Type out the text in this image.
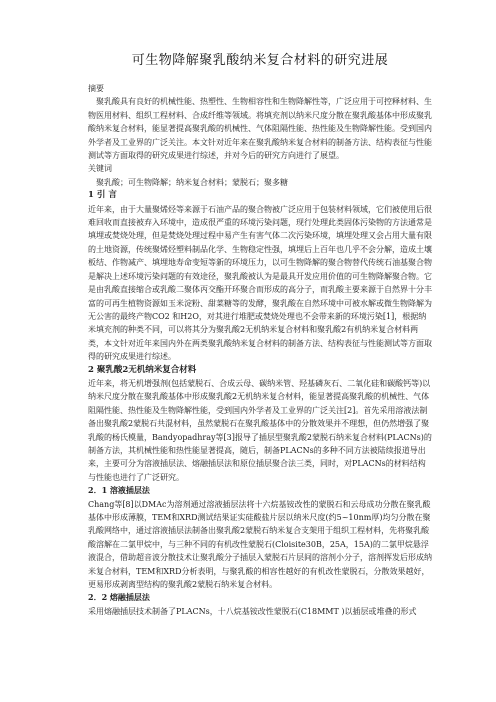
可生物降解聚乳酸纳米复合材料的研究进展

摘要

聚乳酸具有良好的机械性能、热塑性、生物相容性和生物降解性等，广泛应用于可控释材料、生物医用材料、组织工程材料、合成纤维等领域。将填充剂以纳米尺度分散在聚乳酸基体中形成聚乳酸纳米复合材料，能显著提高聚乳酸的机械性、气体阻隔性能、热性能及生物降解性能。受到国内外学者及工业界的广泛关注。本文针对近年来在聚乳酸纳米复合材料的制备方法、结构表征与性能测试等方面取得的研究成果进行综述，并对今后的研究方向进行了展望。

关键词

聚乳酸；可生物降解；纳米复合材料；蒙脱石；聚多糖

1 引 言

近年来，由于大量聚烯烃等来源于石油产品的聚合物被广泛应用于包装材料领域，它们被使用后很难回收而直接被弃入环境中，造成很严重的环境污染问题，现行处理此类固体污染物的方法通常是填埋或焚烧处理，但是焚烧处理过程中易产生有害气体二次污染环境，填埋处理又会占用大量有限的土地资源，传统聚烯烃塑料制品化学、生物稳定性强，填埋后上百年也几乎不会分解，造成土壤板结、作物减产、填埋地寿命变短等新的环境压力，以可生物降解的聚合物替代传统石油基聚合物是解决上述环境污染问题的有效途径，聚乳酸被认为是最具开发应用价值的可生物降解聚合物。它是由乳酸直接缩合或乳酸二聚体丙交酯开环聚合而形成的高分子，而乳酸主要来源于自然界十分丰富的可再生植物资源如玉米淀粉、甜菜糖等的发酵，聚乳酸在自然环境中可被水解或微生物降解为无公害的最终产物CO2 和H2O，对其进行堆肥或焚烧处理也不会带来新的环境污染[1]，根据纳米填充剂的种类不同，可以将其分为聚乳酸2无机纳米复合材料和聚乳酸2有机纳米复合材料两类，本文针对近年来国内外在两类聚乳酸纳米复合材料的制备方法、结构表征与性能测试等方面取得的研究成果进行综述。

2 聚乳酸2无机纳米复合材料

近年来，将无机增强剂(包括蒙脱石、合成云母、碳纳米管、羟基磷灰石、二氧化硅和碳酸钙等)以纳米尺度分散在聚乳酸基体中形成聚乳酸2无机纳米复合材料，能显著提高聚乳酸的机械性、气体阻隔性能、热性能及生物降解性能，受到国内外学者及工业界的广泛关注[2]。首先采用溶液法制备出聚乳酸2蒙脱石共混材料，虽然蒙脱石在聚乳酸基体中的分散效果并不理想，但仍然增强了聚乳酸的杨氏模量，Bandyopadhray等[3]报导了插层型聚乳酸2蒙脱石纳米复合材料(PLACNs)的制备方法，其机械性能和热性能显著提高，随后，制备PLACNs的多种不同方法被陆续报道导出来，主要可分为溶液插层法、熔融插层法和原位插层聚合法三类，同时，对PLACNs的材料结构与性能也进行了广泛研究。

2．1 溶液插层法

Chang等[8]以DMAc为溶剂通过溶液插层法将十六烷基铵改性的蒙脱石和云母成功分散在聚乳酸基体中形成薄膜，TEM和XRD测试结果证实硅酸盐片层以纳米尺度(约5~10nm厚)均匀分散在聚乳酸网络中，通过溶液插层法制备出聚乳酸2蒙脱石纳米复合支架用于组织工程材料，先将聚乳酸酸溶解在二氯甲烷中，与三种不同的有机改性蒙脱石(Cloisite30B，25A，15A)的二氯甲烷悬浮液混合，借助超音波分散技术让聚乳酸分子插层入蒙脱石片层间的溶剂小分子，溶剂挥发后形成纳米复合材料，TEM和XRD分析表明，与聚乳酸的相容性越好的有机改性蒙脱石，分散效果越好，更易形成剥离型结构的聚乳酸2蒙脱石纳米复合材料。

2．2 熔融插层法

采用熔融插层技术制备了PLACNs，十八烷基铵改性蒙脱石(C18MMT )以插层或堆叠的形式
